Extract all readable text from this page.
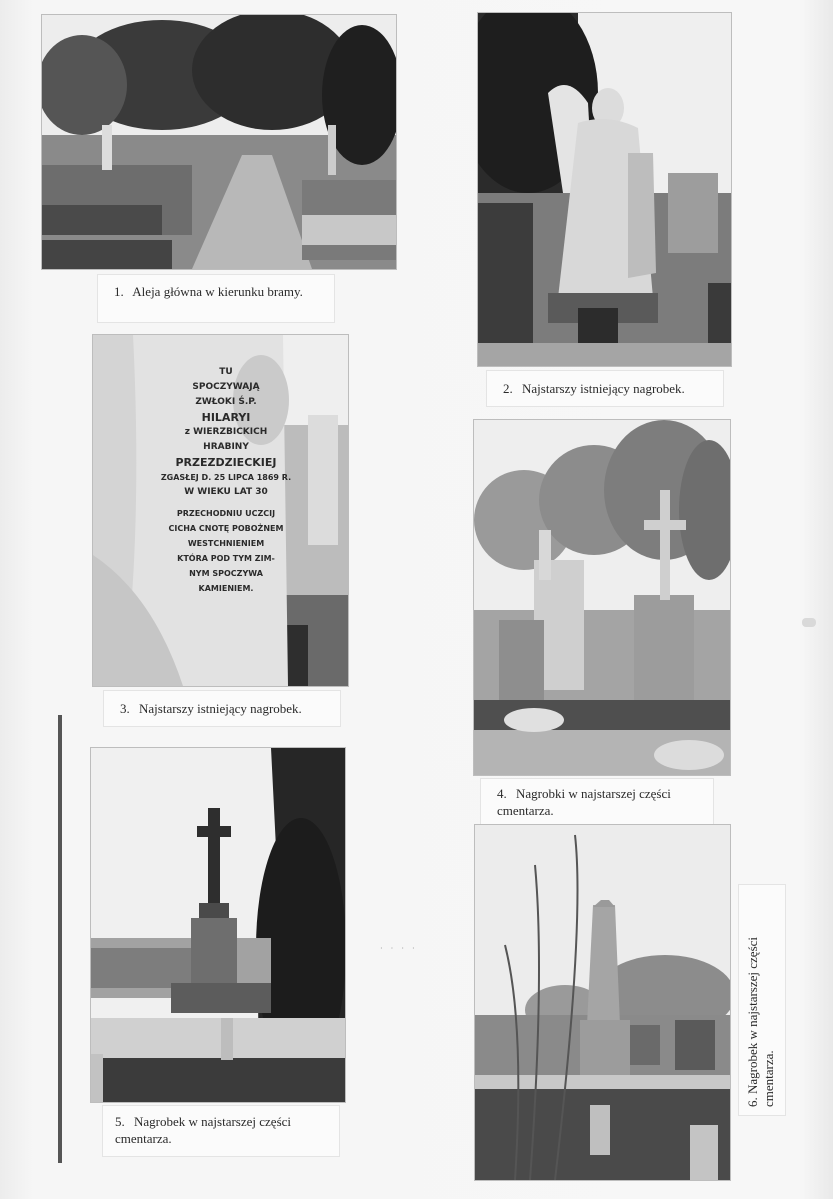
1. Aleja główna w kierunku bramy.
2. Najstarszy istniejący nagrobek.
TU
SPOCZYWAJĄ
ZWŁOKI Ś.P.
HILARYI
z WIERZBICKICH
HRABINY
PRZEZDZIECKIEJ
ZGASŁEJ D. 25 LIPCA 1869 R.
W WIEKU LAT 30
PRZECHODNIU UCZCIJ
CICHA CNOTĘ POBOŻNEM
WESTCHNIENIEM
KTÓRA POD TYM ZIM-
NYM SPOCZYWA
KAMIENIEM.
3. Najstarszy istniejący nagrobek.
4. Nagrobki w najstarszej części cmentarza.
5. Nagrobek w najstarszej części cmentarza.
6. Nagrobek w najstarszej części cmentarza.
· · · ·
